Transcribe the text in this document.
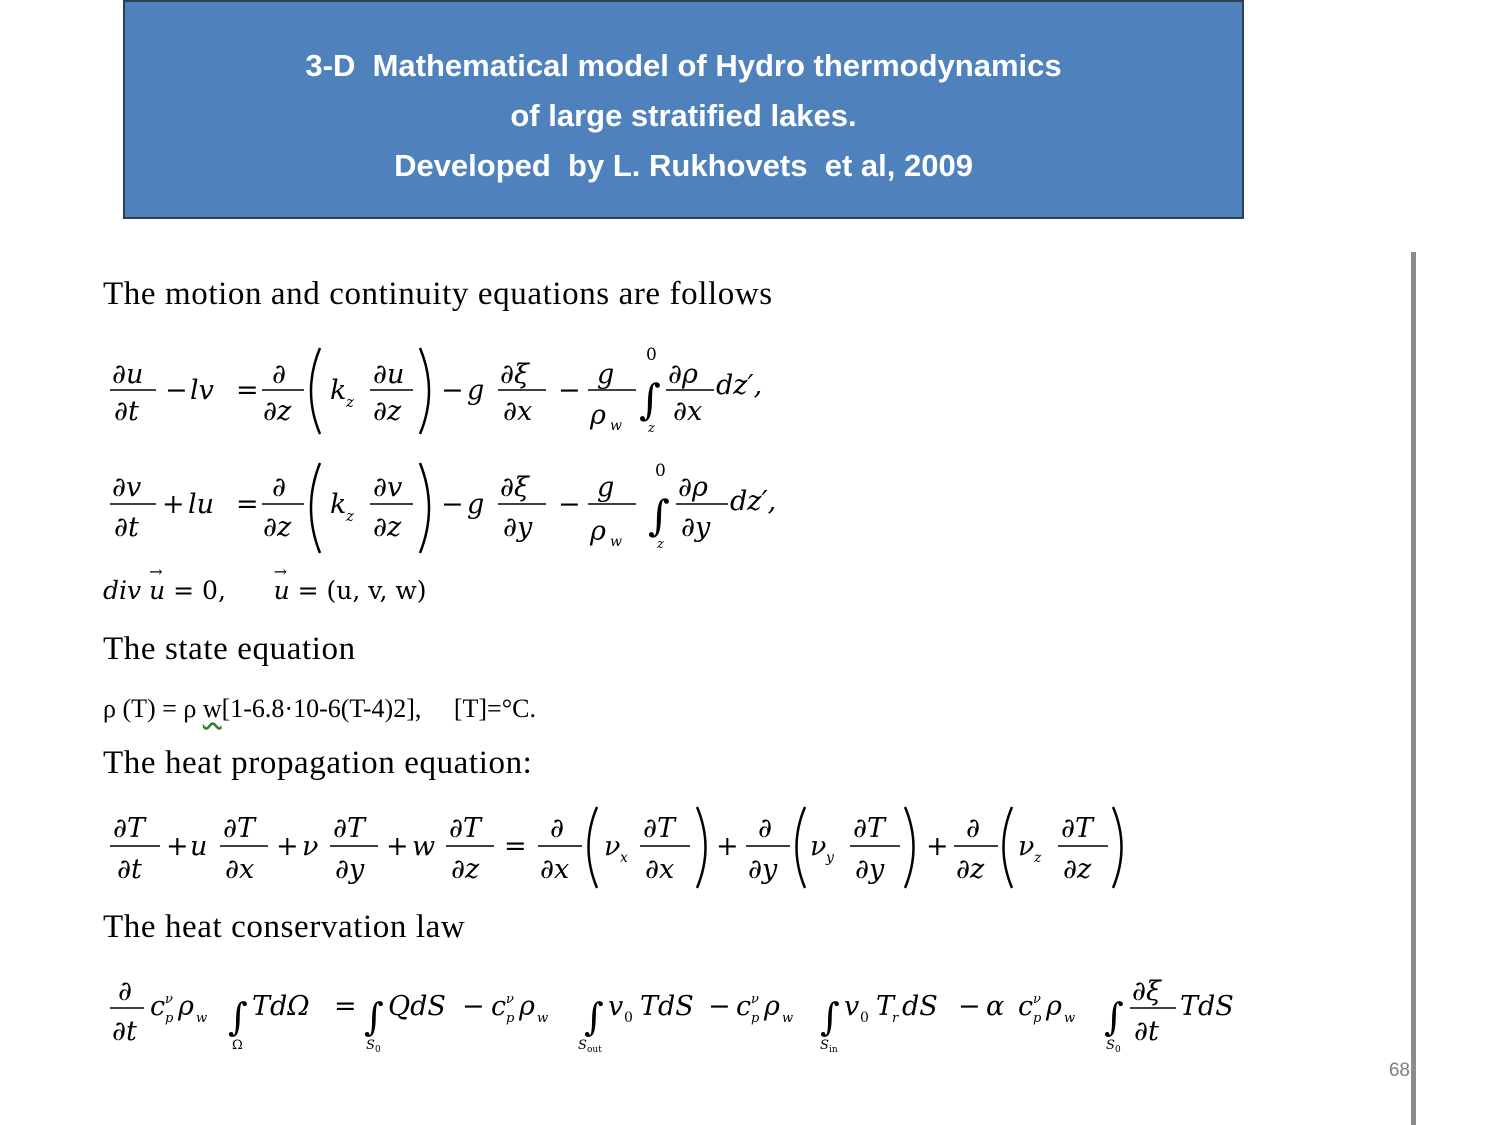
3-D  Mathematical model of Hydro thermodynamics
of large stratified lakes.
Developed  by L. Rukhovets  et al, 2009
The motion and continuity equations are follows
The state equation
The heat propagation equation:
The heat conservation law
∂u
∂t
− lv =
∂
∂z
k z
∂u
∂z
− g
∂ξ
∂x
−
g
ρ w
0
∫
z
∂ρ
∂x
dz′,
∂v
∂t
+ lu =
∂
∂z
k z
∂v
∂z
− g
∂ξ
∂y
−
g
ρ w
0
∫
z
∂ρ
∂y
dz′,
∂T
∂t
+ u
∂T
∂x
+ ν
∂T
∂y
+ w
∂T
∂z
=
∂
∂x
ν x
∂T
∂x
+
∂
∂y
ν y
∂T
∂y
+
∂
∂z
ν z
∂T
∂z
∂
∂t
c ν
p ρ w ∫
Ω
TdΩ = ∫
S 0
QdS − c ν
p ρ w ∫
S out
v 0 TdS − c ν
p ρ w ∫
S in
v 0 T
r dS − α c ν
p ρ w ∫
S 0
∂ξ
∂t
TdS
div u
→
= 0, u
→
= (u, v, w)
ρ (T) = ρ w[1-6.8·10-6(T-4)2], [T]=°C.
68
